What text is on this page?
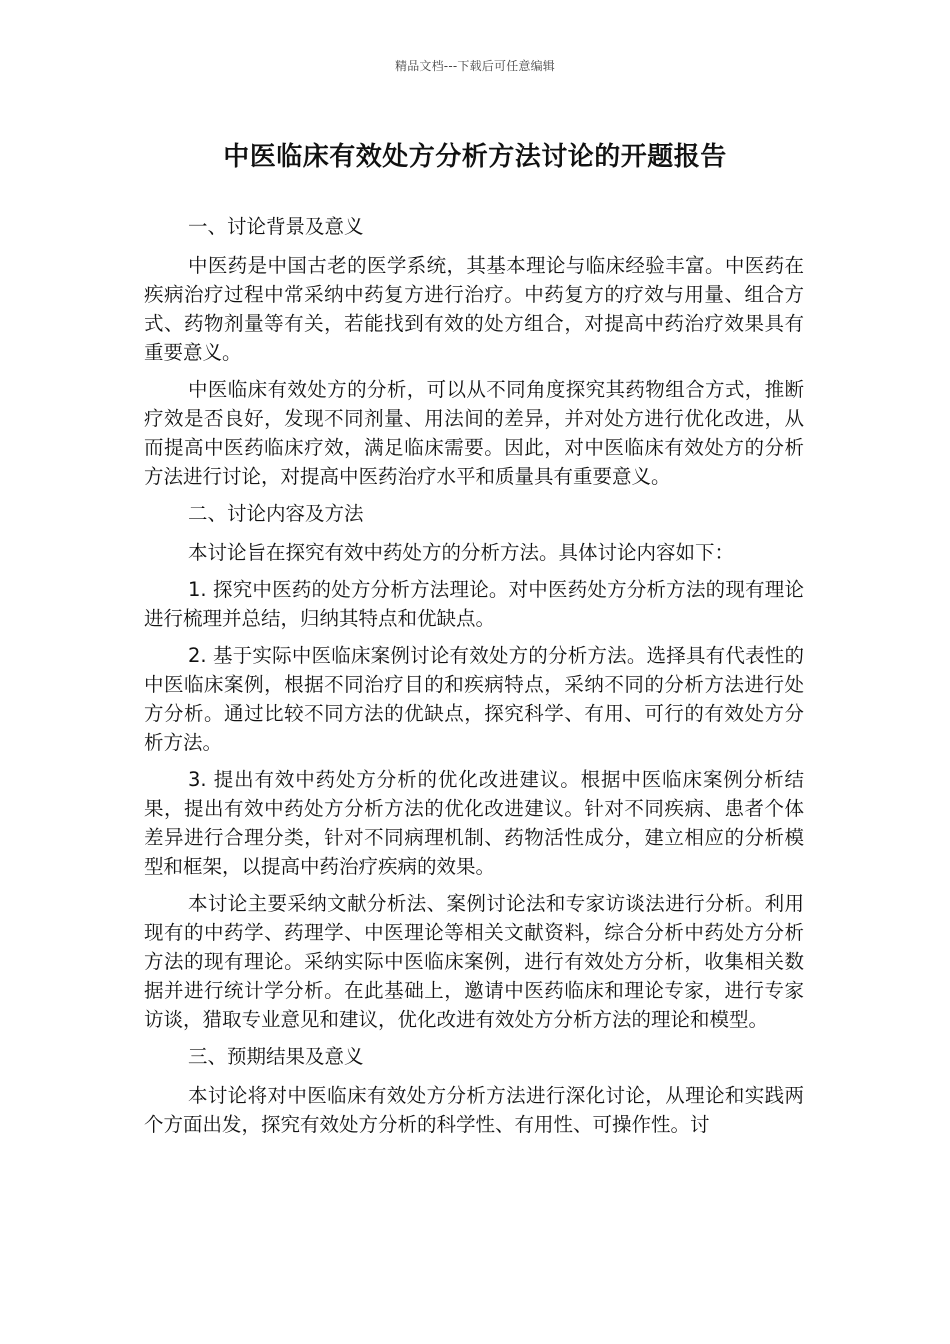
精品文档---下载后可任意编辑
中医临床有效处方分析方法讨论的开题报告

一、讨论背景及意义

中医药是中国古老的医学系统，其基本理论与临床经验丰富。中医药在疾病治疗过程中常采纳中药复方进行治疗。中药复方的疗效与用量、组合方式、药物剂量等有关，若能找到有效的处方组合，对提高中药治疗效果具有重要意义。

中医临床有效处方的分析，可以从不同角度探究其药物组合方式，推断疗效是否良好，发现不同剂量、用法间的差异，并对处方进行优化改进，从而提高中医药临床疗效，满足临床需要。因此，对中医临床有效处方的分析方法进行讨论，对提高中医药治疗水平和质量具有重要意义。

二、讨论内容及方法

本讨论旨在探究有效中药处方的分析方法。具体讨论内容如下：

1. 探究中医药的处方分析方法理论。对中医药处方分析方法的现有理论进行梳理并总结，归纳其特点和优缺点。

2. 基于实际中医临床案例讨论有效处方的分析方法。选择具有代表性的中医临床案例，根据不同治疗目的和疾病特点，采纳不同的分析方法进行处方分析。通过比较不同方法的优缺点，探究科学、有用、可行的有效处方分析方法。

3. 提出有效中药处方分析的优化改进建议。根据中医临床案例分析结果，提出有效中药处方分析方法的优化改进建议。针对不同疾病、患者个体差异进行合理分类，针对不同病理机制、药物活性成分，建立相应的分析模型和框架，以提高中药治疗疾病的效果。

本讨论主要采纳文献分析法、案例讨论法和专家访谈法进行分析。利用现有的中药学、药理学、中医理论等相关文献资料，综合分析中药处方分析方法的现有理论。采纳实际中医临床案例，进行有效处方分析，收集相关数据并进行统计学分析。在此基础上，邀请中医药临床和理论专家，进行专家访谈，猎取专业意见和建议，优化改进有效处方分析方法的理论和模型。

三、预期结果及意义

本讨论将对中医临床有效处方分析方法进行深化讨论，从理论和实践两个方面出发，探究有效处方分析的科学性、有用性、可操作性。讨
